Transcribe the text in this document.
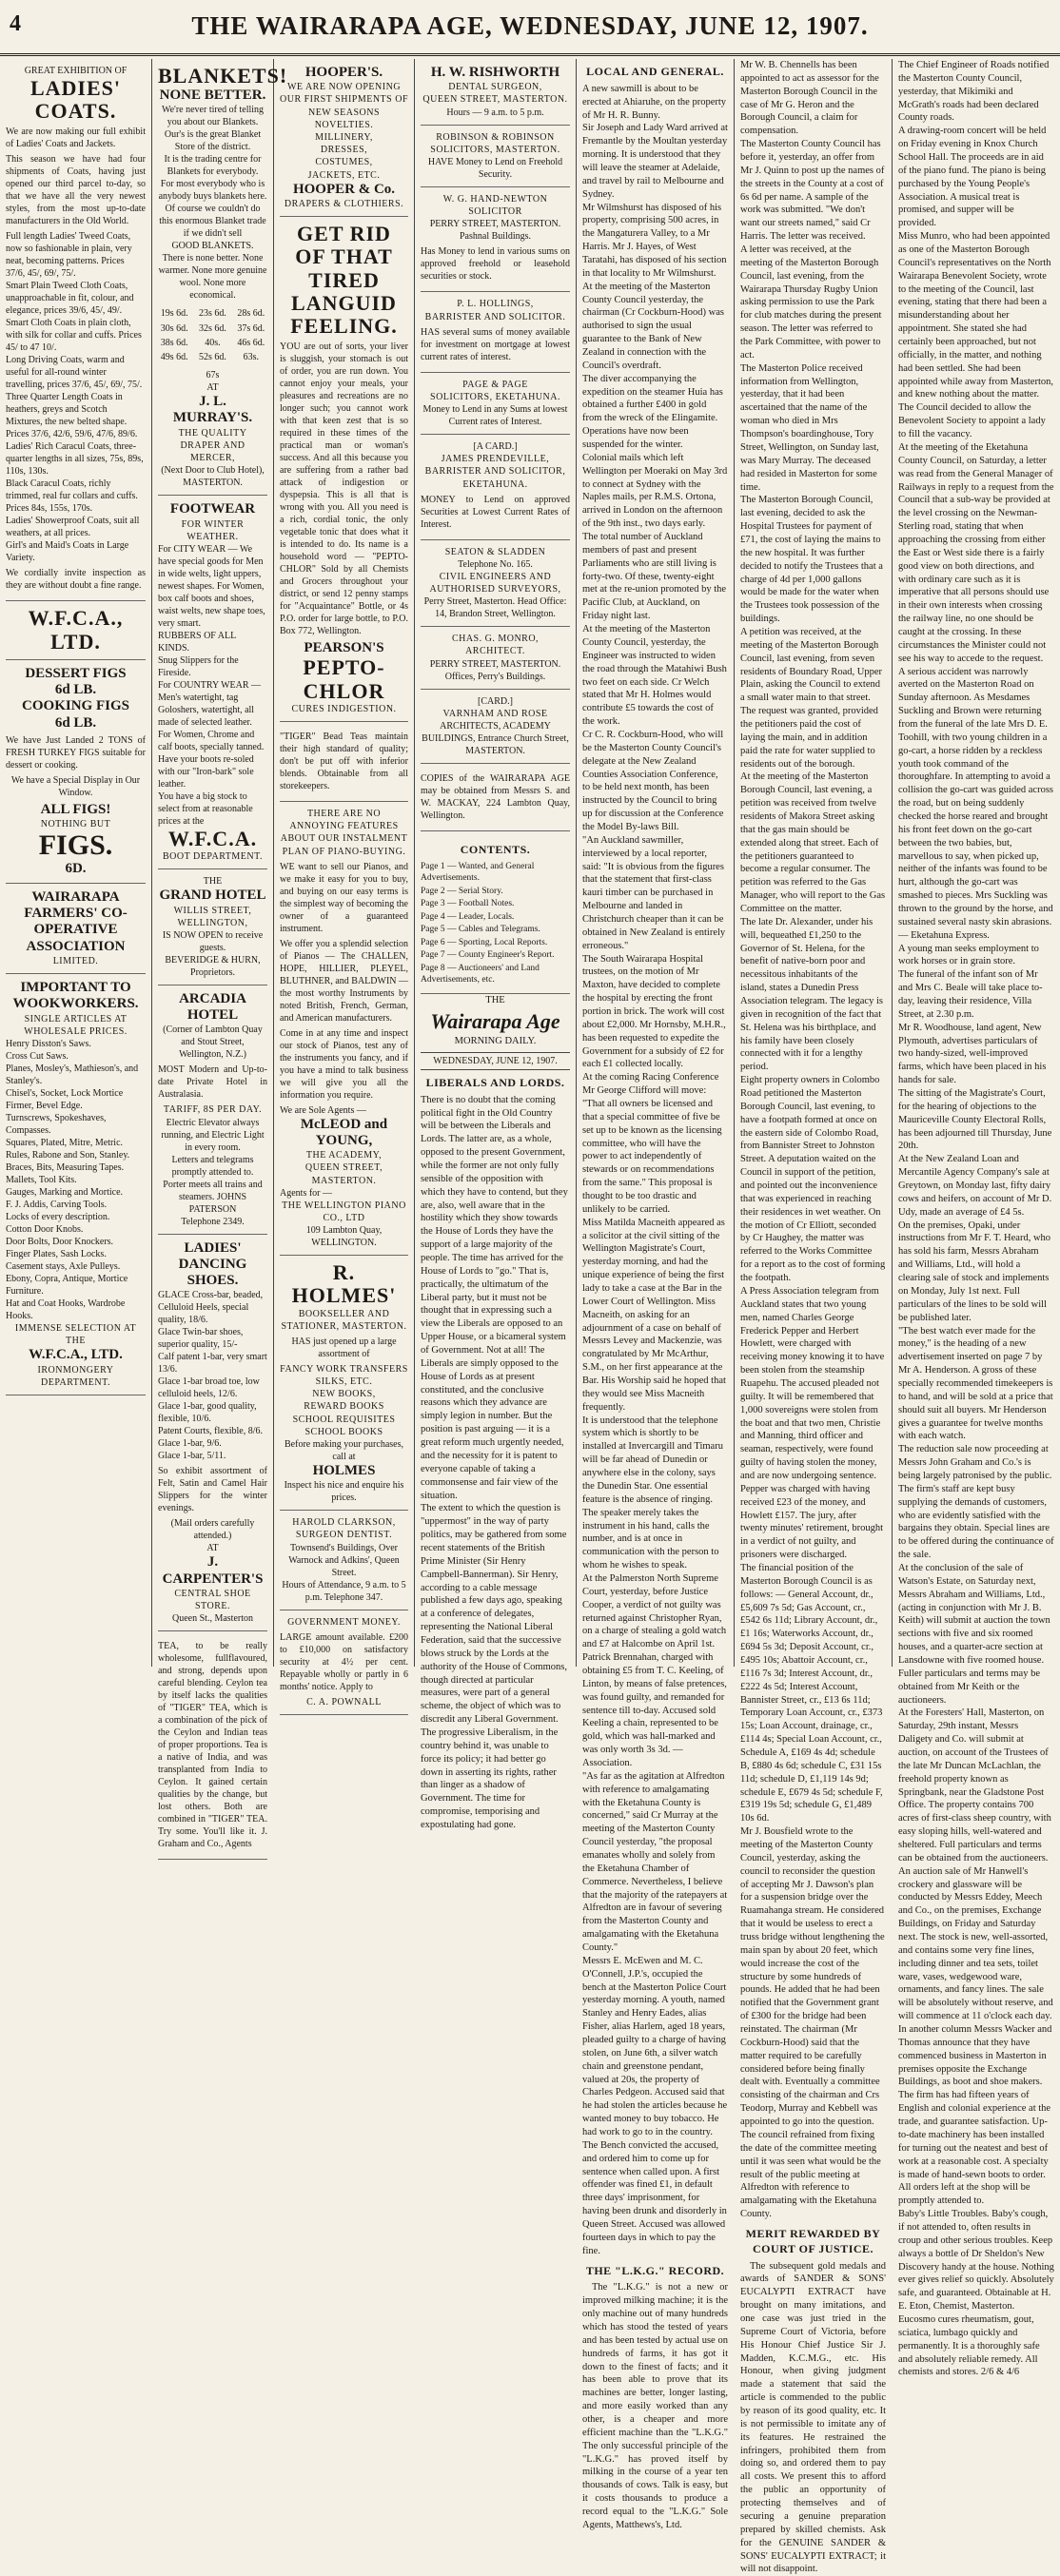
4	THE WAIRARAPA AGE, WEDNESDAY, JUNE 12, 1907.
GREAT EXHIBITION OF
LADIES' COATS.

We are now making our full exhibit of Ladies' Coats and Jackets.

This season we have had four shipments of Coats, having just opened our third parcel to-day, so that we have all the very newest styles, from the most up-to-date manufacturers in the Old World.

Full length Ladies' Tweed Coats, now so fashionable in plain, very neat, becoming patterns. Prices 37/6, 45/, 69/, 75/.
Smart Plain Tweed Cloth Coats, unapproachable in fit, colour, and elegance, prices 39/6, 45/, 49/.
Smart Cloth Coats in plain cloth, with silk for collar and cuffs. Prices 45/ to 47 10/.
Long Driving Coats, warm and useful for all-round winter travelling, prices 37/6, 45/, 69/, 75/.
Three Quarter Length Coats in heathers, greys and Scotch Mixtures, the new belted shape. Prices 37/6, 42/6, 59/6, 47/6, 89/6.
Ladies' Rich Caracul Coats, three-quarter lengths in all sizes, 75s, 89s, 110s, 130s.
Black Caracul Coats, richly trimmed, real fur collars and cuffs. Prices 84s, 155s, 170s.
Ladies' Showerproof Coats, suit all weathers, at all prices.
Girl's and Maid's Coats in Large Variety.

We cordially invite inspection as they are without doubt a fine range.

W.F.C.A., LTD.
DESSERT FIGS
6d LB.
COOKING FIGS
6d LB.

We have Just Landed 2 TONS of FRESH TURKEY FIGS suitable for dessert or cooking.

We have a Special Display in Our Window.

ALL FIGS!
NOTHING BUT
FIGS.
6D.
WAIRARAPA FARMERS' CO-OPERATIVE ASSOCIATION
LIMITED.
IMPORTANT TO WOOKWORKERS.
SINGLE ARTICLES AT WHOLESALE PRICES.
Henry Disston's Saws.
Cross Cut Saws.
Planes, Mosley's, Mathieson's, and Stanley's.
Chisel's, Socket, Lock Mortice Firmer, Bevel Edge.
Turnscrews, Spokeshaves, Compasses.
Squares, Plated, Mitre, Metric.
Rules, Rabone and Son, Stanley.
Braces, Bits, Measuring Tapes.
Mallets, Tool Kits.
Gauges, Marking and Mortice.
F. J. Addis, Carving Tools.
Locks of every description.
Cotton Door Knobs.
Door Bolts, Door Knockers.
Finger Plates, Sash Locks.
Casement stays, Axle Pulleys.
Ebony, Copra, Antique, Mortice Furniture.
Hat and Coat Hooks, Wardrobe Hooks.
IMMENSE SELECTION AT THE
W.F.C.A., LTD.
IRONMONGERY DEPARTMENT.
BLANKETS!
NONE BETTER.
We're never tired of telling you about our Blankets.
Our's is the great Blanket Store of the district.
It is the trading centre for Blankets for everybody.
For most everybody who is anybody buys blankets here.
Of course we couldn't do this enormous Blanket trade if we didn't sell
GOOD BLANKETS.
There is none better. None warmer. None more genuine wool. None more economical.
19s 6d. 23s 6d. 28s 6d.
30s 6d. 32s 6d. 37s 6d.
38s 6d.	40s.	46s 6d.
49s 6d. 52s 6d.	63s.
67s
AT
J. L. MURRAY'S.
THE QUALITY DRAPER AND MERCER,
(Next Door to Club Hotel), MASTERTON.
FOOTWEAR
FOR WINTER WEATHER.
For CITY WEAR — We have special goods for Men in wide welts, light uppers, newest shapes. For Women, box calf boots and shoes, waist welts, new shape toes, very smart.
RUBBERS OF ALL KINDS.
Snug Slippers for the Fireside.
For COUNTRY WEAR — Men's watertight, tag Goloshers, watertight, all made of selected leather. For Women, Chrome and calf boots, specially tanned.
Have your boots re-soled with our "Iron-bark" sole leather.
You have a big stock to select from at reasonable prices at the
W.F.C.A.
BOOT DEPARTMENT.
THE
GRAND HOTEL
WILLIS STREET, WELLINGTON,
IS NOW OPEN to receive guests.
BEVERIDGE & HURN, Proprietors.
ARCADIA HOTEL
(Corner of Lambton Quay and Stout Street, Wellington, N.Z.)

MOST Modern and Up-to-date Private Hotel in Australasia.

TARIFF, 8S PER DAY.
Electric Elevator always running, and Electric Light in every room.
Letters and telegrams promptly attended to.
Porter meets all trains and steamers. JOHNS PATERSON
Telephone 2349.
LADIES' DANCING SHOES.
GLACE Cross-bar, beaded, Celluloid Heels, special quality, 18/6.
Glace Twin-bar shoes, superior quality, 15/-
Calf patent 1-bar, very smart 13/6.
Glace 1-bar broad toe, low celluloid heels, 12/6.
Glace 1-bar, good quality, flexible, 10/6.
Patent Courts, flexible, 8/6.
Glace 1-bar, 9/6.
Glace 1-bar, 5/11.

So exhibit assortment of Felt, Satin and Camel Hair Slippers for the winter evenings.

(Mail orders carefully attended.)
AT
J. CARPENTER'S
CENTRAL SHOE STORE.
Queen St., Masterton

TEA, to be really wholesome, fullflavoured, and strong, depends upon careful blending. Ceylon tea by itself lacks the qualities of "TIGER" TEA, which is a combination of the pick of the Ceylon and Indian teas of proper proportions. Tea is a native of India, and was transplanted from India to Ceylon. It gained certain qualities by the change, but lost others. Both are combined in "TIGER" TEA. Try some. You'll like it. J. Graham and Co., Agents

HOOPER'S.
WE ARE NOW OPENING OUR FIRST SHIPMENTS OF NEW SEASONS NOVELTIES.
MILLINERY,
DRESSES,
COSTUMES,
JACKETS, ETC.
HOOPER & Co.
DRAPERS & CLOTHIERS.
GET RID OF THAT TIRED LANGUID FEELING.

YOU are out of sorts, your liver is sluggish, your stomach is out of order, you are run down. You cannot enjoy your meals, your pleasures and recreations are no longer such; you cannot work with that keen zest that is so required in these times of the practical man or woman's success. And all this because you are suffering from a rather bad attack of indigestion or dyspepsia. This is all that is wrong with you. All you need is a rich, cordial tonic, the only vegetable tonic that does what it is intended to do. Its name is a household word — "PEPTO-CHLOR" Sold by all Chemists and Grocers throughout your district, or send 12 penny stamps for "Acquaintance" Bottle, or 4s P.O. order for large bottle, to P.O. Box 772, Wellington.

PEARSON'S
PEPTO-CHLOR
CURES INDIGESTION.

"TIGER" Bead Teas maintain their high standard of quality; don't be put off with inferior blends. Obtainable from all storekeepers.

THERE ARE NO ANNOYING FEATURES ABOUT OUR INSTALMENT PLAN OF PIANO-BUYING.

WE want to sell our Pianos, and we make it easy for you to buy, and buying on our easy terms is the simplest way of becoming the owner of a guaranteed instrument.

We offer you a splendid selection of Pianos — The CHALLEN, HOPE, HILLIER, PLEYEL, BLUTHNER, and BALDWIN — the most worthy Instruments by noted British, French, German, and American manufacturers.

Come in at any time and inspect our stock of Pianos, test any of the instruments you fancy, and if you have a mind to talk business we will give you all the information you require.

We are Sole Agents —
McLEOD and YOUNG,
THE ACADEMY,
QUEEN STREET, MASTERTON.
Agents for —
THE WELLINGTON PIANO CO., LTD
109 Lambton Quay, WELLINGTON.
R. HOLMES'
BOOKSELLER AND STATIONER, MASTERTON.

HAS just opened up a large assortment of

FANCY WORK TRANSFERS
SILKS, ETC.
NEW BOOKS,
REWARD BOOKS
SCHOOL REQUISITES
SCHOOL BOOKS
Before making your purchases, call at
HOLMES
Inspect his nice and enquire his prices.
HAROLD CLARKSON, SURGEON DENTIST.
Townsend's Buildings, Over Warnock and Adkins', Queen Street.
Hours of Attendance, 9 a.m. to 5 p.m. Telephone 347.
GOVERNMENT MONEY.

LARGE amount available. £200 to £10,000 on satisfactory security at 4½ per cent. Repayable wholly or partly in 6 months' notice. Apply to

C. A. POWNALL
H. W. RISHWORTH
DENTAL SURGEON,
QUEEN STREET, MASTERTON.
Hours — 9 a.m. to 5 p.m.
ROBINSON & ROBINSON
SOLICITORS, MASTERTON.
HAVE Money to Lend on Freehold Security.
W. G. HAND-NEWTON
SOLICITOR
PERRY STREET, MASTERTON. Pashnal Buildings.

Has Money to lend in various sums on approved freehold or leasehold securities or stock.

P. L. HOLLINGS,
BARRISTER AND SOLICITOR.

HAS several sums of money available for investment on mortgage at lowest current rates of interest.

PAGE & PAGE
SOLICITORS, EKETAHUNA.
Money to Lend in any Sums at lowest Current rates of Interest.
[A CARD.]
JAMES PRENDEVILLE,
BARRISTER AND SOLICITOR, EKETAHUNA.

MONEY to Lend on approved Securities at Lowest Current Rates of Interest.

SEATON & SLADDEN
Telephone No. 165.
CIVIL ENGINEERS AND AUTHORISED SURVEYORS,
Perry Street, Masterton. Head Office: 14, Brandon Street, Wellington.
CHAS. G. MONRO,
ARCHITECT.
PERRY STREET, MASTERTON. Offices, Perry's Buildings.
[CARD.]
VARNHAM AND ROSE
ARCHITECTS, ACADEMY BUILDINGS, Entrance Church Street, MASTERTON.

COPIES of the WAIRARAPA AGE may be obtained from Messrs S. and W. MACKAY, 224 Lambton Quay, Wellington.

CONTENTS.
Page 1 — Wanted, and General Advertisements.
Page 2 — Serial Story.
Page 3 — Football Notes.
Page 4 — Leader, Locals.
Page 5 — Cables and Telegrams.
Page 6 — Sporting, Local Reports.
Page 7 — County Engineer's Report.
Page 8 — Auctioneers' and Land Advertisements, etc.
THE
Wairarapa Age
MORNING DAILY.
WEDNESDAY, JUNE 12, 1907.
LIBERALS AND LORDS.
There is no doubt that the coming political fight in the Old Country will be between the Liberals and Lords. The latter are, as a whole, opposed to the present Government, while the former are not only fully sensible of the opposition with which they have to contend, but they are, also, well aware that in the hostility which they show towards the House of Lords they have the support of a large majority of the people. The time has arrived for the House of Lords to "go." That is, practically, the ultimatum of the Liberal party, but it must not be thought that in expressing such a view the Liberals are opposed to an Upper House, or a bicameral system of Government. Not at all! The Liberals are simply opposed to the House of Lords as at present constituted, and the conclusive reasons which they advance are simply legion in number. But the position is past arguing — it is a great reform much urgently needed, and the necessity for it is patent to everyone capable of taking a commonsense and fair view of the situation.
The extent to which the question is "uppermost" in the way of party politics, may be gathered from some recent statements of the British Prime Minister (Sir Henry Campbell-Bannerman). Sir Henry, according to a cable message published a few days ago, speaking at a conference of delegates, representing the National Liberal Federation, said that the successive blows struck by the Lords at the authority of the House of Commons, though directed at particular measures, were part of a general scheme, the object of which was to discredit any Liberal Government. The progressive Liberalism, in the country behind it, was unable to force its policy; it had better go down in asserting its rights, rather than linger as a shadow of Government. The time for compromise, temporising and expostulating had gone.
LOCAL AND GENERAL.
A new sawmill is about to be erected at Ahiaruhe, on the property of Mr H. R. Bunny.
Sir Joseph and Lady Ward arrived at Fremantle by the Moultan yesterday morning. It is understood that they will leave the steamer at Adelaide, and travel by rail to Melbourne and Sydney.
Mr Wilmshurst has disposed of his property, comprising 500 acres, in the Mangaturera Valley, to a Mr Harris. Mr J. Hayes, of West Taratahi, has disposed of his section in that locality to Mr Wilmshurst.
At the meeting of the Masterton County Council yesterday, the chairman (Cr Cockburn-Hood) was authorised to sign the usual guarantee to the Bank of New Zealand in connection with the Council's overdraft.
The diver accompanying the expedition on the steamer Huia has obtained a further £400 in gold from the wreck of the Elingamite. Operations have now been suspended for the winter.
Colonial mails which left Wellington per Moeraki on May 3rd to connect at Sydney with the Naples mails, per R.M.S. Ortona, arrived in London on the afternoon of the 9th inst., two days early.
The total number of Auckland members of past and present Parliaments who are still living is forty-two. Of these, twenty-eight met at the re-union promoted by the Pacific Club, at Auckland, on Friday night last.
At the meeting of the Masterton County Council, yesterday, the Engineer was instructed to widen the road through the Matahiwi Bush two feet on each side. Cr Welch stated that Mr H. Holmes would contribute £5 towards the cost of the work.
Cr C. R. Cockburn-Hood, who will be the Masterton County Council's delegate at the New Zealand Counties Association Conference, to be held next month, has been instructed by the Council to bring up for discussion at the Conference the Model By-laws Bill.
"An Auckland sawmiller, interviewed by a local reporter, said: "It is obvious from the figures that the statement that first-class kauri timber can be purchased in Melbourne and landed in Christchurch cheaper than it can be obtained in New Zealand is entirely erroneous."
The South Wairarapa Hospital trustees, on the motion of Mr Maxton, have decided to complete the hospital by erecting the front portion in brick. The work will cost about £2,000. Mr Hornsby, M.H.R., has been requested to expedite the Government for a subsidy of £2 for each £1 collected locally.
At the coming Racing Conference Mr George Clifford will move: "That all owners be licensed and that a special committee of five be set up to be known as the licensing committee, who will have the power to act independently of stewards or on recommendations from the same." This proposal is thought to be too drastic and unlikely to be carried.
Miss Matilda Macneith appeared as a solicitor at the civil sitting of the Wellington Magistrate's Court, yesterday morning, and had the unique experience of being the first lady to take a case at the Bar in the Lower Court of Wellington. Miss Macneith, on asking for an adjournment of a case on behalf of Messrs Levey and Mackenzie, was congratulated by Mr McArthur, S.M., on her first appearance at the Bar. His Worship said he hoped that they would see Miss Macneith frequently.
It is understood that the telephone system which is shortly to be installed at Invercargill and Timaru will be far ahead of Dunedin or anywhere else in the colony, says the Dunedin Star. One essential feature is the absence of ringing. The speaker merely takes the instrument in his hand, calls the number, and is at once in communication with the person to whom he wishes to speak.
At the Palmerston North Supreme Court, yesterday, before Justice Cooper, a verdict of not guilty was returned against Christopher Ryan, on a charge of stealing a gold watch and £7 at Halcombe on April 1st. Patrick Brennahan, charged with obtaining £5 from T. C. Keeling, of Linton, by means of false pretences, was found guilty, and remanded for sentence till to-day. Accused sold Keeling a chain, represented to be gold, which was hall-marked and was only worth 3s 3d. — Association.
"As far as the agitation at Alfredton with reference to amalgamating with the Eketahuna County is concerned," said Cr Murray at the meeting of the Masterton County Council yesterday, "the proposal emanates wholly and solely from the Eketahuna Chamber of Commerce. Nevertheless, I believe that the majority of the ratepayers at Alfredton are in favour of severing from the Masterton County and amalgamating with the Eketahuna County."
Messrs E. McEwen and M. C. O'Connell, J.P.'s, occupied the bench at the Masterton Police Court yesterday morning. A youth, named Stanley and Henry Eades, alias Fisher, alias Harlem, aged 18 years, pleaded guilty to a charge of having stolen, on June 6th, a silver watch chain and greenstone pendant, valued at 20s, the property of Charles Pedgeon. Accused said that he had stolen the articles because he wanted money to buy tobacco. He had work to go to in the country. The Bench convicted the accused, and ordered him to come up for sentence when called upon. A first offender was fined £1, in default three days' imprisonment, for having been drunk and disorderly in Queen Street. Accused was allowed fourteen days in which to pay the fine.
THE "L.K.G." RECORD.

The "L.K.G." is not a new or improved milking machine; it is the only machine out of many hundreds which has stood the tested of years and has been tested by actual use on hundreds of farms, it has got it down to the finest of facts; and it has been able to prove that its machines are better, longer lasting, and more easily worked than any other, is a cheaper and more efficient machine than the "L.K.G." The only successful principle of the "L.K.G." has proved itself by milking in the course of a year ten thousands of cows. Talk is easy, but it costs thousands to produce a record equal to the "L.K.G." Sole Agents, Matthews's, Ltd.

Mr W. B. Chennells has been appointed to act as assessor for the Masterton Borough Council in the case of Mr G. Heron and the Borough Council, a claim for compensation.
The Masterton County Council has before it, yesterday, an offer from Mr J. Quinn to post up the names of the streets in the County at a cost of 6s 6d per name. A sample of the work was submitted. "We don't want our streets named," said Cr Harris. The letter was received.
A letter was received, at the meeting of the Masterton Borough Council, last evening, from the Wairarapa Thursday Rugby Union asking permission to use the Park for club matches during the present season. The letter was referred to the Park Committee, with power to act.
The Masterton Police received information from Wellington, yesterday, that it had been ascertained that the name of the woman who died in Mrs Thompson's boardinghouse, Tory Street, Wellington, on Sunday last, was Mary Murray. The deceased had resided in Masterton for some time.
The Masterton Borough Council, last evening, decided to ask the Hospital Trustees for payment of £71, the cost of laying the mains to the new hospital. It was further decided to notify the Trustees that a charge of 4d per 1,000 gallons would be made for the water when the Trustees took possession of the buildings.
A petition was received, at the meeting of the Masterton Borough Council, last evening, from seven residents of Boundary Road, Upper Plain, asking the Council to extend a small water main to that street. The request was granted, provided the petitioners paid the cost of laying the main, and in addition paid the rate for water supplied to residents out of the borough.
At the meeting of the Masterton Borough Council, last evening, a petition was received from twelve residents of Makora Street asking that the gas main should be extended along that street. Each of the petitioners guaranteed to become a regular consumer. The petition was referred to the Gas Manager, who will report to the Gas Committee on the matter.
The late Dr. Alexander, under his will, bequeathed £1,250 to the Governor of St. Helena, for the benefit of native-born poor and necessitous inhabitants of the island, states a Dunedin Press Association telegram. The legacy is given in recognition of the fact that St. Helena was his birthplace, and his family have been closely connected with it for a lengthy period.
Eight property owners in Colombo Road petitioned the Masterton Borough Council, last evening, to have a footpath formed at once on the eastern side of Colombo Road, from Bannister Street to Johnston Street. A deputation waited on the Council in support of the petition, and pointed out the inconvenience that was experienced in reaching their residences in wet weather. On the motion of Cr Elliott, seconded by Cr Haughey, the matter was referred to the Works Committee for a report as to the cost of forming the footpath.
A Press Association telegram from Auckland states that two young men, named Charles George Frederick Pepper and Herbert Howlett, were charged with receiving money knowing it to have been stolen from the steamship Ruapehu. The accused pleaded not guilty. It will be remembered that 1,000 sovereigns were stolen from the boat and that two men, Christie and Manning, third officer and seaman, respectively, were found guilty of having stolen the money, and are now undergoing sentence. Pepper was charged with having received £23 of the money, and Howlett £157. The jury, after twenty minutes' retirement, brought in a verdict of not guilty, and prisoners were discharged.
The financial position of the Masterton Borough Council is as follows: — General Account, dr., £5,609 7s 5d; Gas Account, cr., £542 6s 11d; Library Account, dr., £1 16s; Waterworks Account, dr., £694 5s 3d; Deposit Account, cr., £495 10s; Abattoir Account, cr., £116 7s 3d; Interest Account, dr., £222 4s 5d; Interest Account, Bannister Street, cr., £13 6s 11d; Temporary Loan Account, cr., £373 15s; Loan Account, drainage, cr., £114 4s; Special Loan Account, cr., Schedule A, £169 4s 4d; schedule B, £880 4s 6d; schedule C, £31 15s 11d; schedule D, £1,119 14s 9d; schedule E, £679 4s 5d; schedule F, £319 19s 5d; schedule G, £1,489 10s 6d.
Mr J. Bousfield wrote to the meeting of the Masterton County Council, yesterday, asking the council to reconsider the question of accepting Mr J. Dawson's plan for a suspension bridge over the Ruamahanga stream. He considered that it would be useless to erect a truss bridge without lengthening the main span by about 20 feet, which would increase the cost of the structure by some hundreds of pounds. He added that he had been notified that the Government grant of £300 for the bridge had been reinstated. The chairman (Mr Cockburn-Hood) said that the matter required to be carefully considered before being finally dealt with. Eventually a committee consisting of the chairman and Crs Teodorp, Murray and Kebbell was appointed to go into the question. The council refrained from fixing the date of the committee meeting until it was seen what would be the result of the public meeting at Alfredton with reference to amalgamating with the Eketahuna County.
MERIT REWARDED BY COURT OF JUSTICE.

The subsequent gold medals and awards of SANDER & SONS' EUCALYPTI EXTRACT have brought on many imitations, and one case was just tried in the Supreme Court of Victoria, before His Honour Chief Justice Sir J. Madden, K.C.M.G., etc. His Honour, when giving judgment made a statement that said the article is commended to the public by reason of its good quality, etc. It is not permissible to imitate any of its features. He restrained the infringers, prohibited them from doing so, and ordered them to pay all costs. We present this to afford the public an opportunity of protecting themselves and of securing a genuine preparation prepared by skilled chemists. Ask for the GENUINE SANDER & SONS' EUCALYPTI EXTRACT; it will not disappoint.

The Chief Engineer of Roads notified the Masterton County Council, yesterday, that Mikimiki and McGrath's roads had been declared County roads.
A drawing-room concert will be held on Friday evening in Knox Church School Hall. The proceeds are in aid of the piano fund. The piano is being purchased by the Young People's Association. A musical treat is promised, and supper will be provided.
Miss Munro, who had been appointed as one of the Masterton Borough Council's representatives on the North Wairarapa Benevolent Society, wrote to the meeting of the Council, last evening, stating that there had been a misunderstanding about her appointment. She stated she had certainly been approached, but not officially, in the matter, and nothing had been settled. She had been appointed while away from Masterton, and knew nothing about the matter. The Council decided to allow the Benevolent Society to appoint a lady to fill the vacancy.
At the meeting of the Eketahuna County Council, on Saturday, a letter was read from the General Manager of Railways in reply to a request from the Council that a sub-way be provided at the level crossing on the Newman-Sterling road, stating that when approaching the crossing from either the East or West side there is a fairly good view on both directions, and with ordinary care such as it is imperative that all persons should use in their own interests when crossing the railway line, no one should be caught at the crossing. In these circumstances the Minister could not see his way to accede to the request.
A serious accident was narrowly averted on the Masterton Road on Sunday afternoon. As Mesdames Suckling and Brown were returning from the funeral of the late Mrs D. E. Toohill, with two young children in a go-cart, a horse ridden by a reckless youth took command of the thoroughfare. In attempting to avoid a collision the go-cart was guided across the road, but on being suddenly checked the horse reared and brought his front feet down on the go-cart between the two babies, but, marvellous to say, when picked up, neither of the infants was found to be hurt, although the go-cart was smashed to pieces. Mrs Suckling was thrown to the ground by the horse, and sustained several nasty skin abrasions. — Eketahuna Express.
A young man seeks employment to work horses or in grain store.
The funeral of the infant son of Mr and Mrs C. Beale will take place to-day, leaving their residence, Villa Street, at 2.30 p.m.
Mr R. Woodhouse, land agent, New Plymouth, advertises particulars of two handy-sized, well-improved farms, which have been placed in his hands for sale.
The sitting of the Magistrate's Court, for the hearing of objections to the Mauriceville County Electoral Rolls, has been adjourned till Thursday, June 20th.
At the New Zealand Loan and Mercantile Agency Company's sale at Greytown, on Monday last, fifty dairy cows and heifers, on account of Mr D. Udy, made an average of £4 5s.
On the premises, Opaki, under instructions from Mr F. T. Heard, who has sold his farm, Messrs Abraham and Williams, Ltd., will hold a clearing sale of stock and implements on Monday, July 1st next. Full particulars of the lines to be sold will be published later.
"The best watch ever made for the money," is the heading of a new advertisement inserted on page 7 by Mr A. Henderson. A gross of these specially recommended timekeepers is to hand, and will be sold at a price that should suit all buyers. Mr Henderson gives a guarantee for twelve months with each watch.
The reduction sale now proceeding at Messrs John Graham and Co.'s is being largely patronised by the public. The firm's staff are kept busy supplying the demands of customers, who are evidently satisfied with the bargains they obtain. Special lines are to be offered during the continuance of the sale.
At the conclusion of the sale of Watson's Estate, on Saturday next, Messrs Abraham and Williams, Ltd., (acting in conjunction with Mr J. B. Keith) will submit at auction the town sections with five and six roomed houses, and a quarter-acre section at Lansdowne with five roomed house. Fuller particulars and terms may be obtained from Mr Keith or the auctioneers.
At the Foresters' Hall, Masterton, on Saturday, 29th instant, Messrs Daligety and Co. will submit at auction, on account of the Trustees of the late Mr Duncan McLachlan, the freehold property known as Springbank, near the Gladstone Post Office. The property contains 700 acres of first-class sheep country, with easy sloping hills, well-watered and sheltered. Full particulars and terms can be obtained from the auctioneers.
An auction sale of Mr Hanwell's crockery and glassware will be conducted by Messrs Eddey, Meech and Co., on the premises, Exchange Buildings, on Friday and Saturday next. The stock is new, well-assorted, and contains some very fine lines, including dinner and tea sets, toilet ware, vases, wedgewood ware, ornaments, and fancy lines. The sale will be absolutely without reserve, and will commence at 11 o'clock each day.
In another column Messrs Wacker and Thomas announce that they have commenced business in Masterton in premises opposite the Exchange Buildings, as boot and shoe makers. The firm has had fifteen years of English and colonial experience at the trade, and guarantee satisfaction. Up-to-date machinery has been installed for turning out the neatest and best of work at a reasonable cost. A specialty is made of hand-sewn boots to order. All orders left at the shop will be promptly attended to.
Baby's Little Troubles. Baby's cough, if not attended to, often results in croup and other serious troubles. Keep always a bottle of Dr Sheldon's New Discovery handy at the house. Nothing ever gives relief so quickly. Absolutely safe, and guaranteed. Obtainable at H. E. Eton, Chemist, Masterton.
Eucosmo cures rheumatism, gout, sciatica, lumbago quickly and permanently. It is a thoroughly safe and absolutely reliable remedy. All chemists and stores. 2/6 & 4/6
